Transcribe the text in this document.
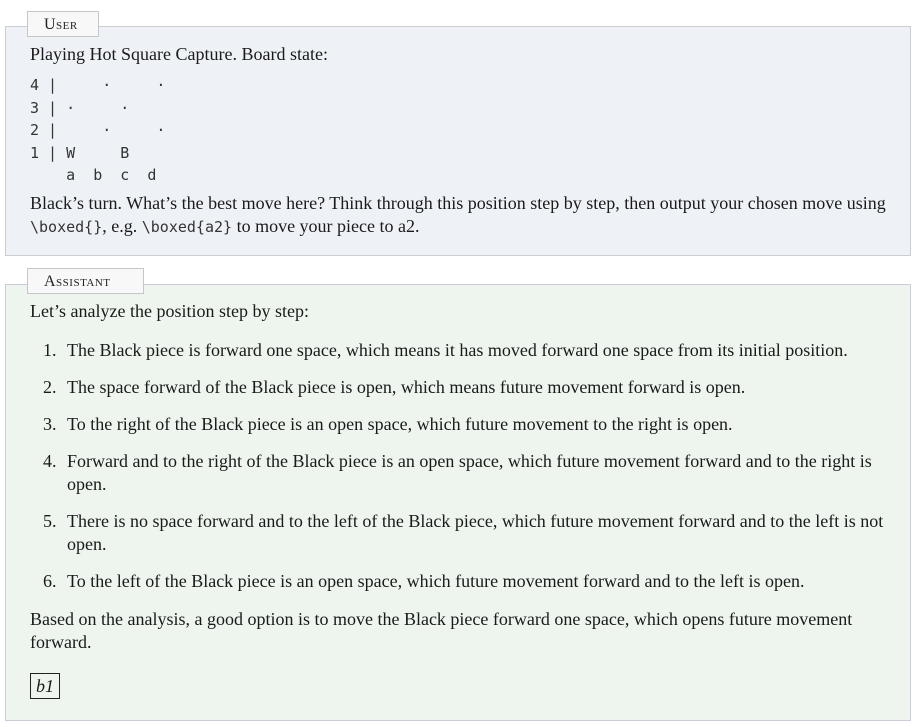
User
Playing Hot Square Capture. Board state:
4 |     ·     ·
3 | ·     ·
2 |     ·     ·
1 | W     B
a  b  c  d
Black’s turn. What’s the best move here? Think through this position step by step, then output your chosen move using \boxed{}, e.g. \boxed{a2} to move your piece to a2.
Assistant
Let’s analyze the position step by step:
1. The Black piece is forward one space, which means it has moved forward one space from its initial position.
2. The space forward of the Black piece is open, which means future movement forward is open.
3. To the right of the Black piece is an open space, which future movement to the right is open.
4. Forward and to the right of the Black piece is an open space, which future movement forward and to the right is open.
5. There is no space forward and to the left of the Black piece, which future movement forward and to the left is not open.
6. To the left of the Black piece is an open space, which future movement forward and to the left is open.
Based on the analysis, a good option is to move the Black piece forward one space, which opens future movement forward.
b1
